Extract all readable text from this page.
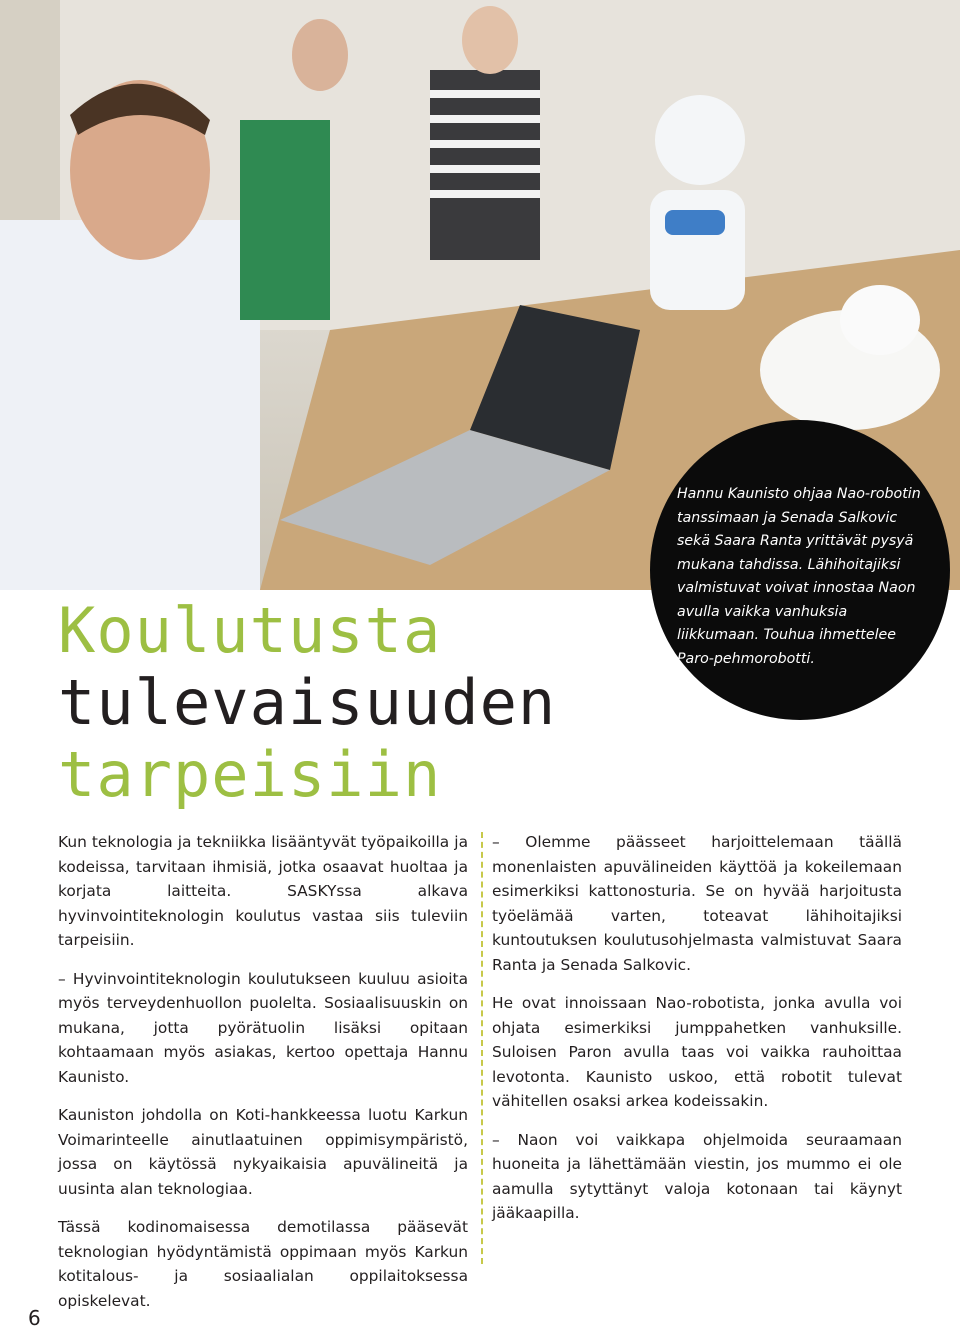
Hannu Kaunisto ohjaa Nao-robotin tanssimaan ja Senada Salkovic sekä Saara Ranta yrittävät pysyä mukana tahdissa. Lähihoitajiksi valmistuvat voivat innostaa Naon avulla vaikka vanhuksia liikkumaan. Touhua ihmettelee Paro-pehmorobotti.

Koulutusta
tulevaisuuden
tarpeisiin

Kun teknologia ja tekniikka lisääntyvät työpaikoilla ja kodeissa, tarvitaan ihmisiä, jotka osaavat huoltaa ja korjata laitteita. SASKYssa alkava hyvinvointiteknologin koulutus vastaa siis tuleviin tarpeisiin.

– Hyvinvointiteknologin koulutukseen kuuluu asioita myös terveydenhuollon puolelta. Sosiaalisuuskin on mukana, jotta pyörätuolin lisäksi opitaan kohtaamaan myös asiakas, kertoo opettaja Hannu Kaunisto.

Kauniston johdolla on Koti-hankkeessa luotu Karkun Voimarinteelle ainutlaatuinen oppimisympäristö, jossa on käytössä nykyaikaisia apuvälineitä ja uusinta alan teknologiaa.

Tässä kodinomaisessa demotilassa pääsevät teknologian hyödyntämistä oppimaan myös Karkun kotitalous- ja sosiaalialan oppilaitoksessa opiskelevat.

– Olemme päässeet harjoittelemaan täällä monenlaisten apuvälineiden käyttöä ja kokeilemaan esimerkiksi kattonosturia. Se on hyvää harjoitusta työelämää varten, toteavat lähihoitajiksi kuntoutuksen koulutusohjelmasta valmistuvat Saara Ranta ja Senada Salkovic.

He ovat innoissaan Nao-robotista, jonka avulla voi ohjata esimerkiksi jumppahetken vanhuksille. Suloisen Paron avulla taas voi vaikka rauhoittaa levotonta. Kaunisto uskoo, että robotit tulevat vähitellen osaksi arkea kodeissakin.

– Naon voi vaikkapa ohjelmoida seuraamaan huoneita ja lähettämään viestin, jos mummo ei ole aamulla sytyttänyt valoja kotonaan tai käynyt jääkaapilla.

6
